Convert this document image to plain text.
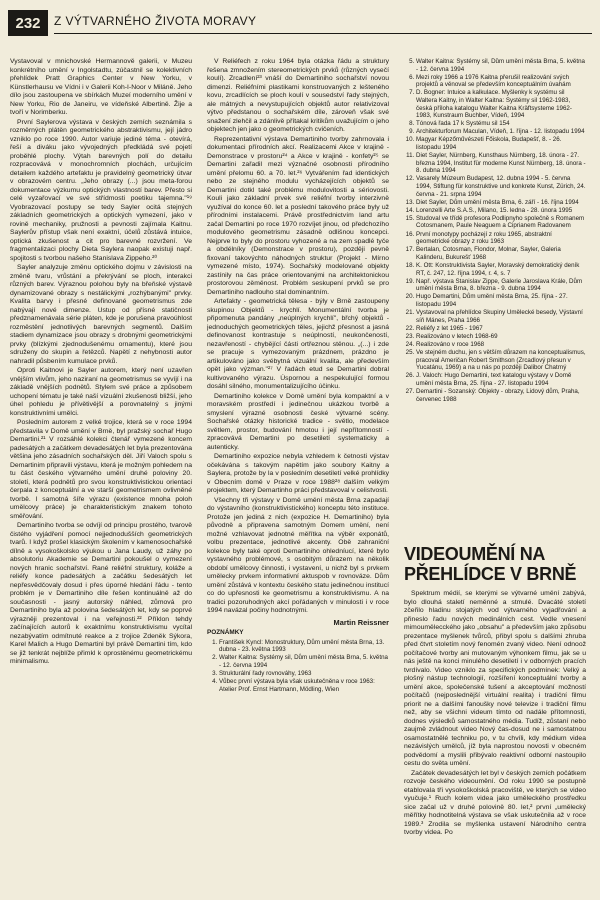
232	Z VÝTVARNÉHO ŽIVOTA MORAVY

Vystavoval v mnichovské Hermannově galerii, v Muzeu konkrétního umění v Ingolstadtu, zúčastnil se kolektivních přehlídek Pratt Graphics Center v New Yorku, v Künstlerhausu ve Vídni i v Galerii Koh-I-Noor v Miláně. Jeho dílo jsou zastoupena ve sbírkách Muzeí moderního umění v New Yorku, Rio de Janeiru, ve vídeňské Albertině. Žije a tvoří v Norimberku.

První Saylerova výstava v českých zemích seznámila s rozměrných plátěn geometrického abstraktivismu, její jádro vzniklo po roce 1990. Autor variuje jediné téma - otevírá, řeší a diváku jako vývojedných předkládá své pojetí proběhlé plochy. Výtah barevných polí do detailu rozpracovává v monochromních plochách, určujícím detailem každého artefaktu je pravidelný geometrický útvar v obrazovém centru. „Jeho obrazy (...) jsou meta-forou dokumentace výzkumu optických vlastností barev. Přesto si celé vyzařovací ve své střídmosti poetiku tajemna."¹⁹ Vyobrazovací postupy se tedy Sayler ocitá stejných základních geometrických a optických vymezení, jako v rovině mechaniky, pružnosti a pevnosti zajímala Kaitnu. Saylerův přístup však není exaktní, účelů zůstává intuice, optická zkušenost a cit pro barevné rozvržení. Ve fragmentalizaci plochy Dieta Saylera naopak existuji např. spojitosti s tvorbou našeho Stanislava Zippeho.²⁰

Sayler analyzuje změnu optického dojmu v závislosti na změně tvaru, vrůstání a překrývání se ploch, interakci různých barev. Výraznou polohou byly na břeňské výstavě dynamizované obrazy s nestálickými „rozhýbanými" prvky. Kvalita barvy i přesné definované geometrismus zde nabývají nové dimenze. Ustup od přísné statičnosti předznamenávala série pláten, kde je porušena pravoúhlost rozměstění jednotlivých barevných segmentů. Dalším stadiem dynamizace jsou obrazy s drobnými geometrickými prvky (blízkými zjednodušenému ornamentu), které jsou sdruženy do skupin a řetězců. Napětí z nehybnosti autor nahradil půsbením kumulace prvků.

Oproti Kaitnovi je Sayler autorem, který není uzavřen vnějším vlivům, jeho naziraní na geometrismus se vyvíjí i na základě vnějších podnětů. Stylem své práce a způsobem uchopení tématu je také naší vizuální zkušenosti bližší, jeho úhel pohledu je přívětivější a porovnatelný s jinými konstruktivními umělci.

Posledním autorem z velké trojice, která se v roce 1994 představila v Domě umění v Brně, byl pražský sochař Hugo Demartini.²¹ V rozsáhlé kolekci čtenář vymezené koncem padesátých a začátkem devadesátých let byla prezentována většina jeho zásadních sochařských děl. Jiří Valoch spolu s Demartinim připravili výstavu, která je možným pohledem na tu část českého výtvarného umění druhé poloviny 20. století, která podnětů pro svou konstruktivistickou orientaci čerpala z konceptuální a ve starší geometrismem ovlivněné tvorbě. I samotná šíře výrazu (existence mnoha poloh umělcovy práce) je charakteristickým znakem tohoto směřování.

Demartiniho tvorba se odvíjí od principu prostého, tvarově čistého vyjádření pomocí nejjednodušších geometrických tvarů. I když prošel klasickým školením v kamenosochařské dílně a vysokoškolsko výukou u Jana Laudy, už záhy po absolutoriu Akademie se Demartini pokoušel o vymezení nových hranic sochařství. Rané reliéfní struktury, koláže a reliéfy konce padesátých a začátku šedesátých let nepřesvědčovaly dosud i přes úporné hledání řádu - tento problém je v Demartiniho díle řešen kontinuálně až do současnosti - jasný autorský náhled, zůmová pro Demartiniho byla až polovina šedesátých let, kdy se poprvé výrazněji prezentoval i na veřejnosti.²² Příklon tehdy začínajících autorů k exaktnímu konstruktivismu vycítal nezabývatím odmítnuté reakce a z trojice Zdeněk Sýkora, Karel Malich a Hugo Demartini byl právě Demartini tím, kdo se již tenkrát nejblíže přimkl k oprostěnému geometrickému minimalismu.

V Reliéfech z roku 1964 byla otázka řádu a struktury řešena zmnožením stereometrických prvků (různých vysečí koulí). Zrcadlení²³ vnáší do Demartiniho sochařství novou dimenzi. Reliéfními plastikami konstruovaných z lešteného kovu, zrcadlících se ploch koulí v sousedství řady stejných, ale mátných a nevystupujících objektů autor relativizoval výtvo předstanou o sochařském díle, zároveň však své snažení zlehčil a zdánlivě přítakal kritikům uvažujícím o jeho objektech jen jako o geometrických cvičeních.

Reprezentativní výstava Demartiniho tvorby zahrnovala i dokumentaci přírodních akcí. Realizacemi Akce v krajině - Demonstrace v prostoru²⁴ a Akce v krajině - konfety²⁵ se Demartini zařadil mezi význačné osobnosti přírodního umění přelomu 60. a 70. let.²⁶ Vytvářením řad identických nebo ze stejného modulu vycházejících objektů se Demartini dotkl také problému modulovitosti a sériovosti. Kouli jako základní prvek své reliéfní tvorby interzivně využíval do konce 60. let a poslední takového práce byly už přírodními instalacemi. Právě prostřednictvím land artu začal Demartini po roce 1970 rozvíjet jinou, od předchozího modulového geometrismu zásadně odlišnou koncepci. Nejprve to byly do prostoru vyhozené a na zem spadlé tyče a obdélníky (Demonstrace v prostoru), později pevně fixovaní takovýchto náhodných struktur (Projekt - Mírno vymezené místo, 1974). Sochařský modelované objekty zastínily na čas práce orientovanými na architektonickou prostorovou zěměnost. Problém seskupení prvků se pro Demartiniho nadlouho stal dominantním.

Artefakty - geometrická tělesa - býly v Brně zastoupeny skupinou Objektů - krychlí. Monumentální tvorba je připomenuta pandány „neúplných krychlí", břchý objektů - jednoduchých geometrických těles, jejichž přesnost a jasná definovanost kontrastuje s neúplností, neukončeností, nezavřeností - chybějící části ortřeznou stěnou. „(...) i zde se pracuje s vymezovaným prázdnem, prázdno je artikulováno jako svébytná vizuální kvalita, ale především opět jako výzman."²⁷ V řadách etud se Demartini dobral kultivovaného výrazu. Úspornou a nespekulující formou dosáhl silného, monumentalizujícího účinku.

Demartiniho kolekce v Domě umění byla kompaktní a v moravském prostředí i jedinečnou ukázkou tvorbě a smyslení výrazné osobnosti české výtvarné scény. Sochařské otázky historické tradice - světlo, modelace světlem, prostor, budování hmotou i její nepřítomností - zpracovává Demartini po desetiletí systematicky a autenticky.

Demartiniho expozice nebyla vzhledem k četnosti výstav očekávána s takovým napětím jako soubory Kaitny a Saylera, protože by la v posledním desetiletí velké prohlídky v Obecním domě v Praze v roce 1988²⁸ dalším velkým projektem, který Demartinho práci představoval v celistvosti.

Všechny tři výstavy v Domě umění města Brna zapadají do výstavního (konstruktivistického) konceptu této instituce. Protože jen jediná z nich (expozice H. Demartiniho) byla původně a připravena samotným Domem umění, není možné vzhlavovat jednotné měřítka na výběr exponátů, volbu prezentace, jednotlivé akcenty. Obě zahraniční kolekce byly také oproti Demartiniho ohledníucí, které bylo vystavného problémové, s osobitým důrazem na několik období umělcovy činnosti, i vystavení, u nichž byl s prvkem umělecky prvkem informativní aktuspob v rovnováze. Dům umění zůstává v kontextu českého statu jedinečnou institucí co do upřesnosti ke geometrismu a konstruktivismu. A na tradici pozoruhodných akcí pořádaných v minulosti i v roce 1994 navázal počiny hodnotnými.

Martin Reissner
POZNÁMKY
1. František Kyncl: Monostruktury, Dům umění města Brna, 13. dubna - 23. května 1993
2. Walter Kaitna: Systémy sil, Dům umění města Brna, 5. května - 12. června 1994
3. Strukturální řady rovnováhy, 1963
4. Vůbec první výstava byla však uskutečněna v roce 1963: Atelier Prof. Ernst Hartmann, Mödling, Wien
5. Walter Kaitna: Systémy sil, Dům umění města Brna, 5. května - 12. června 1994
6. Mezi roky 1966 a 1976 Kaitna přerušil realizování svých projektů a věnoval se především konceptuálním úvahám
7. D. Bogner: Intuice a kalkulace. Myšlenky k systému sil Waltera Kaitny, in Walter Kaitna: Systémy sil 1962-1983, česká příloha katalogu Walter Kaitna Kräftsysteme 1962-1983, Kunstraum Buchber, Vídeň, 1994
8. Tónová řada 17 k Systému sil 154
9. Architekturforum Maculan, Vídeň, 1. října - 12. listopadu 1994
10. Magyar Képzőművészeti Főiskola, Budapešť, 8. - 26. listopadu 1994
11. Diet Sayler, Nürnberg, Kunsthaus Nürnberg, 18. února - 27. března 1994, Institut für moderne Kunst Nürnberg, 18. února - 8. dubna 1994
12. Vasarely Múzeum Budapest, 12. dubna 1994 - 5. června 1994, Stiftung für konstruktive und konkrete Kunst, Zürich, 24. června - 21. srpna 1994
13. Diet Sayler, Dům umění města Brna, 6. září - 16. října 1994
14. Lorenzelli Arte S.A.S., Milano, 15. ledna - 28. února 1995
15. Studoval ve třídě profesora Podlipnyho společně s Romanem Cotosmanem, Paule Neaguem a Ciprianem Radovanem
16. První monotypy pocházejí z roku 1965, abstraktní geometrické obrazy z roku 1963
17. Bertalan, Cotosman, Flondor, Molnar, Sayler, Galeria Kalinderu, Bukurešť 1968
18. K. Ott: Konstruktivista Sayler, Moravský demokratický deník RT, č. 247, 12. října 1994, r. 4, s. 7
19. Např. výstava Stanislav Zippe, Galerie Jaroslava Krále, Dům umění města Brna, 8. března - 9. dubna 1994
20. Hugo Demartini, Dům umění města Brna, 25. října - 27. listopadu 1994
21. Vystavoval na přehlídce Skupiny Umělecké besedy, Výstavní síň Mánes, Praha 1966
22. Reliéfy z let 1965 - 1967
23. Realizováno v letech 1968-69
24. Realizováno v roce 1968
25. Ve stejném duchu, jen s větším důrazem na konceptualismus, pracoval Američan Robert Smithson (Zrcadlový přesun v Yucatánu, 1969) a na u nás po později Dalibor Chatrný
26. J. Valoch: Hugo Demartini, text katalogu výstavy v Domě umění města Brna, 25. října - 27. listopadu 1994
27. Demartini - Sozanský: Objekty - obrazy, Lidový dům, Praha, červenec 1988
VIDEOUMĚNÍ NA PŘEHLÍDCE V BRNĚ

Spektrum médií, se kterými se výtvarné umění zabývá, bylo dlouhá staletí neměnné a stmulé. Dvacáté století zčeřilo hladinu stojatých vod výtvarného vyjadřování a přineslo řadu nových medinálních cest. Vedle vnesení mimoumělecckého jako „obsahu" a především jako způsobu prezentace myšlenek tvůrců, přibyl spolu s dalšími zhruba před čtvrt stoletím nový fenomén zvaný video. Není odnoož počítačové tvorby ani mutovaným výhonkem filmu, jak se u nás ještě na konci minulého desetiletí i v odborných pracích tvrdívalo. Video vzniklo za specifických podmínek: Velký a plošný nástup technologií, rozšíření konceptuální tvorby a umění akce, společenské tušení a akceptování možností počítačů (nejposlednější virtuální realita) i tradiční filmu priorit ne a dalšími fanoušky nové televize i tradiční filmu než, aby se všichni videum tímto od nadále přítomnosti, dodnes výsledků samostatného média. Tudíž, zůstaní nebo zaujmě zvládnout video Nový čas-dosud ne i samostatnou osamostatnělé techniku po, v tu chvíli, kdy médium videa nezávislých umělců, jíž byla naprostou novosti v obecném podvědomí a myslili přibývalo reaktivní odborní nastoupilo cestu do světa umění.

Začátek devadesátých let byl v českých zemích počátkem rozvoje českého videoumění. Od roku 1990 se postupně etablovala tři vysokoškolská pracoviště, ve kterých se video vyučuje.¹ Ruch kolem videa jako uměleckého prostředku sice začal už v druhé polovině 80. let,² první „umělecký měřítky hodnotitelná výstava se však uskutečnila až v roce 1989.³ Zrodila se myšlenka ustavení Národního centra tvorby videa. Po
